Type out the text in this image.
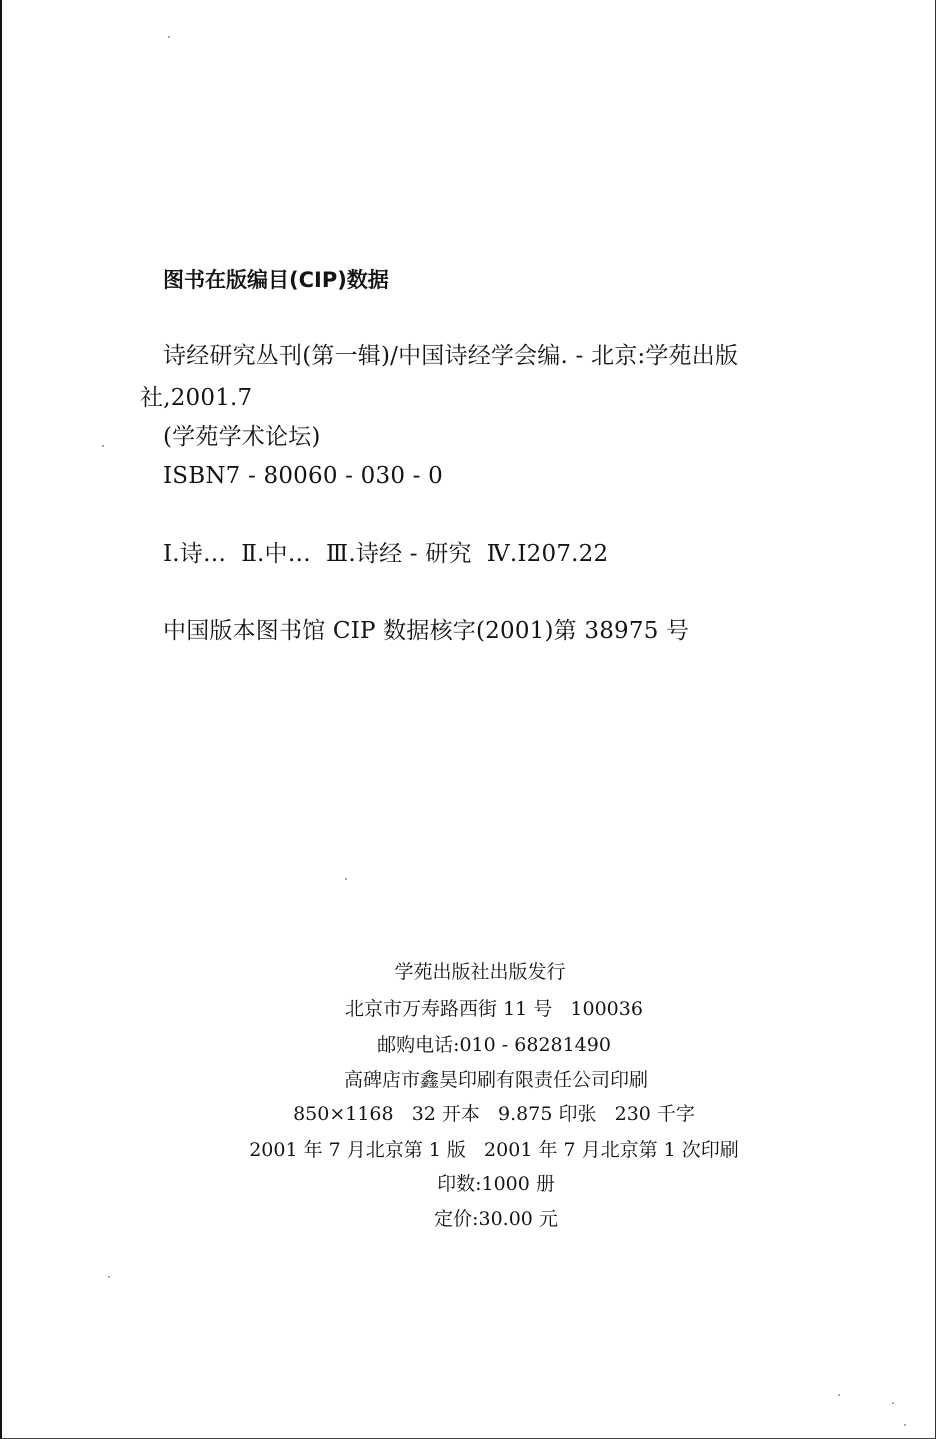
图书在版编目(CIP)数据
诗经研究丛刊(第一辑)/中国诗经学会编. - 北京:学苑出版
社,2001.7
(学苑学术论坛)
ISBN7 - 80060 - 030 - 0
Ⅰ.诗…  Ⅱ.中…  Ⅲ.诗经 - 研究  Ⅳ.I207.22
中国版本图书馆 CIP 数据核字(2001)第 38975 号
学苑出版社出版发行
北京市万寿路西街 11 号   100036
邮购电话:010 - 68281490
高碑店市鑫昊印刷有限责任公司印刷
850×1168   32 开本   9.875 印张   230 千字
2001 年 7 月北京第 1 版   2001 年 7 月北京第 1 次印刷
印数:1000 册
定价:30.00 元
